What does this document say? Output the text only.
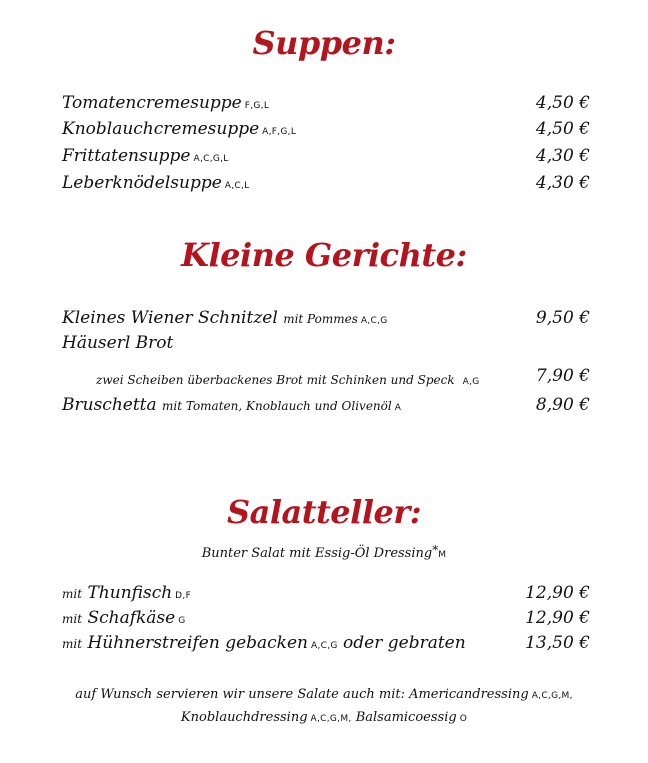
Suppen:
Tomatencremesuppe F,G,L	4,50 €
Knoblauchcremesuppe A,F,G,L	4,50 €
Frittatensuppe A,C,G,L	4,30 €
Leberknödelsuppe A,C,L	4,30 €
Kleine Gerichte:
Kleines Wiener Schnitzel mit Pommes A,C,G	9,50 €
Häuserl Brot
zwei Scheiben überbackenes Brot mit Schinken und Speck A,G	7,90 €
Bruschetta mit Tomaten, Knoblauch und Olivenöl A	8,90 €
Salatteller:
Bunter Salat mit Essig-Öl Dressing*M
mit Thunfisch D,F	12,90 €
mit Schafkäse G	12,90 €
mit Hühnerstreifen gebacken A,C,G oder gebraten	13,50 €
auf Wunsch servieren wir unsere Salate auch mit: Americandressing A,C,G,M,
Knoblauchdressing A,C,G,M, Balsamicoessig O
